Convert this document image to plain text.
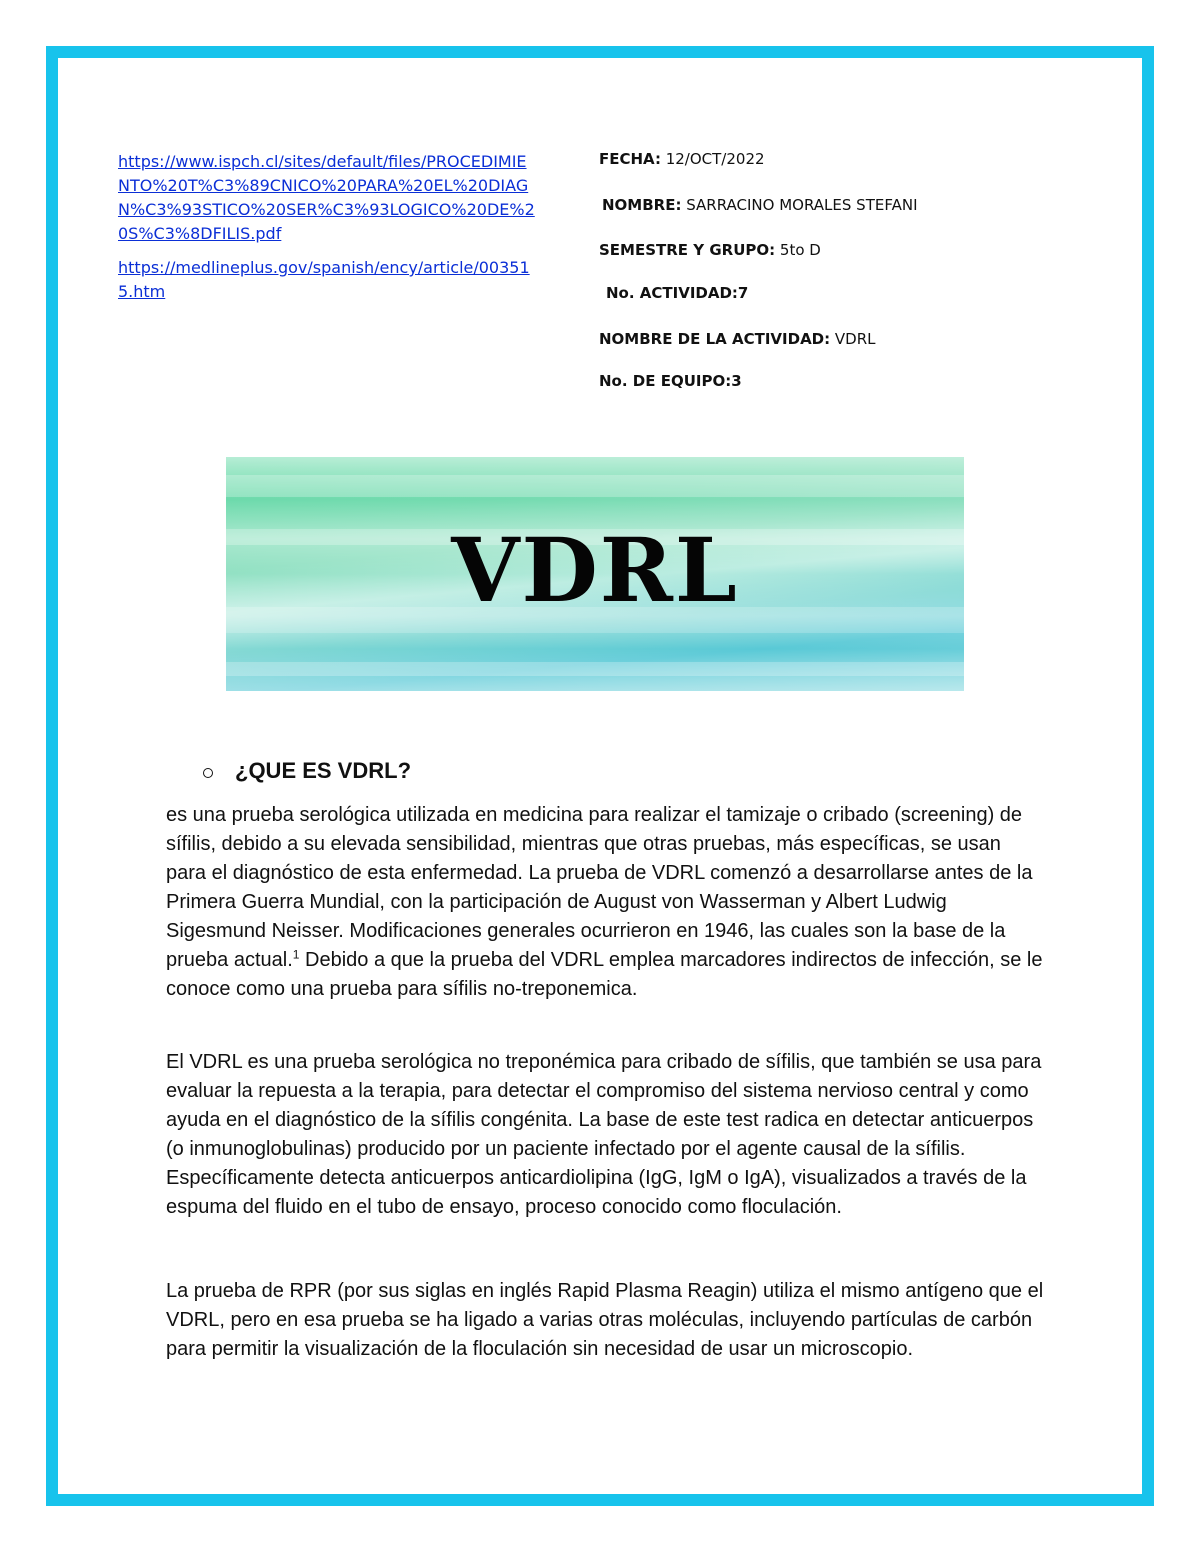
https://www.ispch.cl/sites/default/files/PROCEDIMIENTO%20T%C3%89CNICO%20PARA%20EL%20DIAGN%C3%93STICO%20SER%C3%93LOGICO%20DE%20S%C3%8DFILIS.pdf
https://medlineplus.gov/spanish/ency/article/003515.htm
FECHA: 12/OCT/2022
NOMBRE: SARRACINO MORALES STEFANI
SEMESTRE Y GRUPO: 5to D
No. ACTIVIDAD:7
NOMBRE DE LA ACTIVIDAD: VDRL
No. DE EQUIPO:3
VDRL
¿QUE ES VDRL?

es una prueba serológica utilizada en medicina para realizar el tamizaje o cribado (screening) de sífilis, debido a su elevada sensibilidad, mientras que otras pruebas, más específicas, se usan para el diagnóstico de esta enfermedad. La prueba de VDRL comenzó a desarrollarse antes de la Primera Guerra Mundial, con la participación de August von Wasserman y Albert Ludwig Sigesmund Neisser. Modificaciones generales ocurrieron en 1946, las cuales son la base de la prueba actual.$^1$ Debido a que la prueba del VDRL emplea marcadores indirectos de infección, se le conoce como una prueba para sífilis no-treponemica.

El VDRL es una prueba serológica no treponémica para cribado de sífilis, que también se usa para evaluar la repuesta a la terapia, para detectar el compromiso del sistema nervioso central y como ayuda en el diagnóstico de la sífilis congénita. La base de este test radica en detectar anticuerpos (o inmunoglobulinas) producido por un paciente infectado por el agente causal de la sífilis. Específicamente detecta anticuerpos anticardiolipina (IgG, IgM o IgA), visualizados a través de la espuma del fluido en el tubo de ensayo, proceso conocido como floculación.

La prueba de RPR (por sus siglas en inglés Rapid Plasma Reagin) utiliza el mismo antígeno que el VDRL, pero en esa prueba se ha ligado a varias otras moléculas, incluyendo partículas de carbón para permitir la visualización de la floculación sin necesidad de usar un microscopio.
